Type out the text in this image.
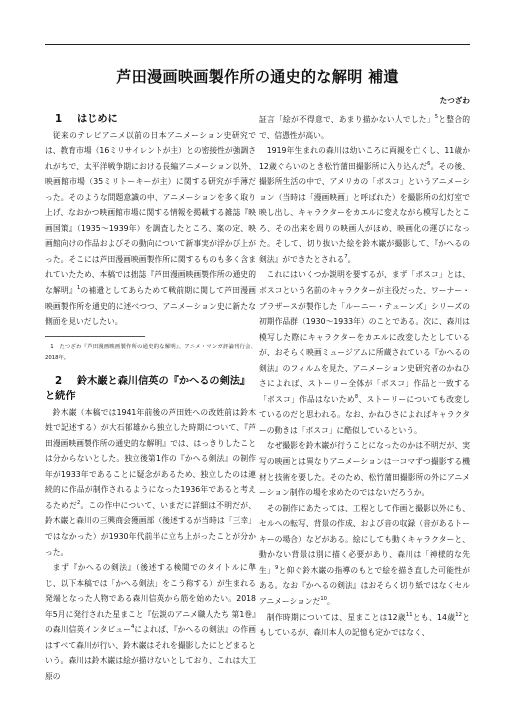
芦田漫画映画製作所の通史的な解明 補遺
たつざわ
1 はじめに

従来のテレビアニメ以前の日本アニメーション史研究では、教育市場（16ミリサイレントが主）との密接性が強調されがちで、太平洋戦争期における長編アニメーション以外、映画館市場（35ミリトーキーが主）に関する研究が手薄だった。そのような問題意識の中、アニメーションを多く取り上げ、なおかつ映画館市場に関する情報を掲載する雑誌『映画国策』（1935〜1939年）を調査したところ、案の定、映画館向けの作品およびその動向について新事実が浮かび上がった。そこには芦田漫画映画製作所に関するものも多く含まれていたため、本稿では拙誌『芦田漫画映画製作所の通史的な解明』$^1$の補遺としてあらためて戦前期に関して芦田漫画映画製作所を通史的に述べつつ、アニメーション史に新たな側面を見いだしたい。

1　たつざわ『芦田漫画映画製作所の通史的な解明』、アニメ・マンガ評論刊行会、2018年。

2 鈴木巌と森川信英の『かへるの剣法』
と続作

鈴木巌（本稿では1941年前後の芦田姓への改姓前は鈴木姓で記述する）が大石郁雄から独立した時期について、『芦田漫画映画製作所の通史的な解明』では、はっきりしたことは分からないとした。独立後第1作の『かへる剣法』の制作年が1933年であることに疑念があるため、独立したのは連続的に作品が制作されるようになった1936年であると考えるためだ$^2$。この作中について、いまだに詳細は不明だが、鈴木巌と森川の三興商会獲画部（後述するが当時は「三幸」ではなかった）が1930年代前半に立ち上がったことが分かった。

まず『かへるの剣法』（後述する検閲でのタイトルに準じ、以下本稿では「かへる剣法」をこう称する）が生まれる発端となった人物である森川信英から筋を始めたい。2018年5月に発行された星まこと『伝説のアニメ職人たち 第1巻』の森川信英インタビュー$^4$によれば、『かへるの剣法』の作画はすべて森川が行い、鈴木巌はそれを撮影したにとどまるという。森川は鈴木巌は絵が描けないとしており、これは大工原の

証言「絵が不得意で、あまり描かない人でした」$^5$と整合的で、信憑性が高い。

1919年生まれの森川は幼いころに両親を亡くし、11歳か12歳ぐらいのとき松竹蒲田撮影所に入り込んだ$^6$。その後、撮影所生活の中で、アメリカの「ボスコ」というアニメーション（当時は「漫画映画」と呼ばれた）を撮影所の幻灯室で映し出し、キャラクターをカエルに変えながら模写したところ、その出来を周りの映画人がほめ、映画化の運びになった。そして、切り抜いた絵を鈴木巌が撮影して、『かへるの剣法』ができたとされる$^7$。

これにはいくつか説明を要するが、まず「ボスコ」とは、ボスコという名前のキャラクターが主役だった、ワーナー・ブラザースが製作した「ルーニー・テューンズ」シリーズの初期作品群（1930〜1933年）のことである。次に、森川は模写した際にキャラクターをカエルに改変したとしているが、おそらく映画ミュージアムに所蔵されている『かへるの剣法』のフィルムを見た、アニメーション史研究者のかねひさによれば、ストーリー全体が「ボスコ」作品と一致する「ボスコ」作品はないため$^8$、ストーリーについても改変しているのだと思われる。なお、かねひさによればキャラクターの動きは「ボスコ」に酷似しているという。

なぜ撮影を鈴木巌が行うことになったのかは不明だが、実写の映画とは異なりアニメーションは一コマずつ撮影する機材と技術を要した。そのため、松竹蒲田撮影所の外にアニメーション制作の場を求めたのではないだろうか。

その制作にあたっては、工程として作画と撮影以外にも、セルへの転写、背景の作成、および音の収録（音があるトーキーの場合）などがある。絵にしても動くキャラクターと、動かない背景は別に描く必要があり、森川は「神様的な先生」$^9$と仰ぐ鈴木巌の指導のもとで絵を描き直した可能性がある。なお『かへるの剣法』はおそらく切り紙ではなくセルアニメーションだ$^{10}$。

制作時期については、星まことは12歳$^{11}$とも、14歳$^{12}$ともしているが、森川本人の記憶も定かではなく、
